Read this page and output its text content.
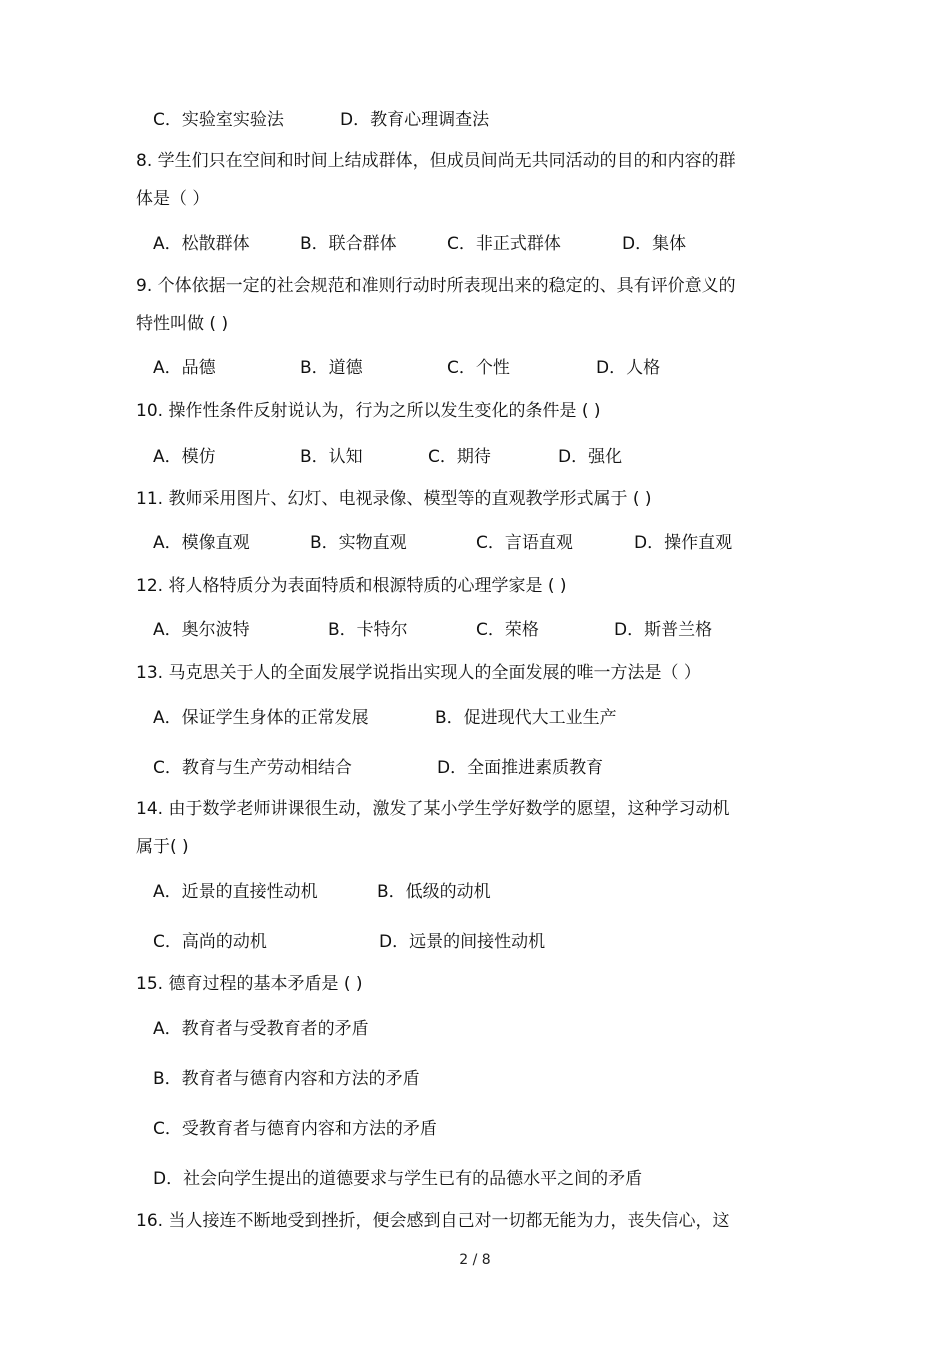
C．实验室实验法	D．教育心理调查法
8. 学生们只在空间和时间上结成群体，但成员间尚无共同活动的目的和内容的群
体是（ ）
A．松散群体	B．联合群体	C．非正式群体	D．集体
9. 个体依据一定的社会规范和准则行动时所表现出来的稳定的、具有评价意义的
特性叫做 ( )
A．品德	B．道德	C．个性	D．人格
10. 操作性条件反射说认为，行为之所以发生变化的条件是 ( )
A．模仿	B．认知	C．期待	D．强化
11. 教师采用图片、幻灯、电视录像、模型等的直观教学形式属于 ( )
A．模像直观	B．实物直观	C．言语直观	D．操作直观
12. 将人格特质分为表面特质和根源特质的心理学家是 ( )
A．奥尔波特	B．卡特尔	C．荣格	D．斯普兰格
13. 马克思关于人的全面发展学说指出实现人的全面发展的唯一方法是（ ）
A．保证学生身体的正常发展	B．促进现代大工业生产
C．教育与生产劳动相结合	D．全面推进素质教育
14. 由于数学老师讲课很生动，激发了某小学生学好数学的愿望，这种学习动机
属于( )
A．近景的直接性动机	B．低级的动机
C．高尚的动机	D．远景的间接性动机
15. 德育过程的基本矛盾是 ( )
A．教育者与受教育者的矛盾
B．教育者与德育内容和方法的矛盾
C．受教育者与德育内容和方法的矛盾
D．社会向学生提出的道德要求与学生已有的品德水平之间的矛盾
16. 当人接连不断地受到挫折，便会感到自己对一切都无能为力，丧失信心，这
2 / 8
